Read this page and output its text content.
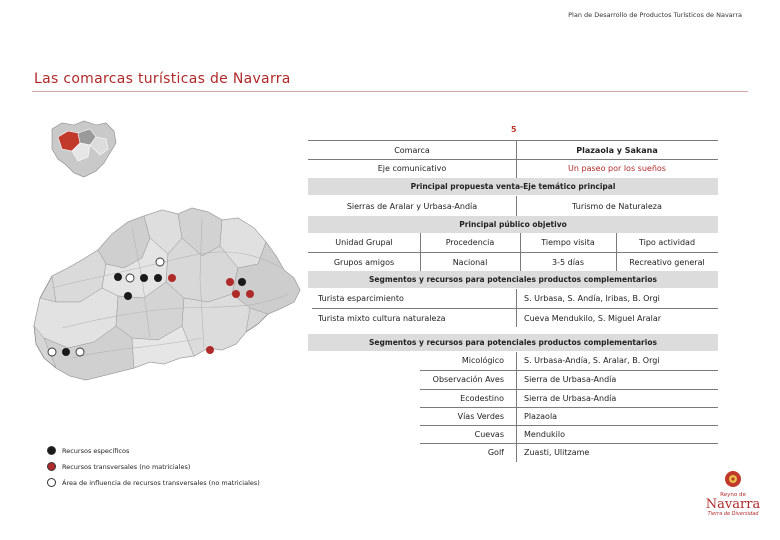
Plan de Desarrollo de Productos Turísticos de Navarra
Las comarcas turísticas de Navarra
5
Comarca	Plazaola y Sakana
Eje comunicativo	Un paseo por los sueños
Principal propuesta venta-Eje temático principal
Sierras de Aralar y Urbasa-Andía	Turismo de Naturaleza
Principal público objetivo
Unidad Grupal	Procedencia	Tiempo visita	Tipo actividad
Grupos amigos	Nacional	3-5 días	Recreativo general
Segmentos y recursos para potenciales productos complementarios
Turista esparcimiento	S. Urbasa, S. Andía, Iribas, B. Orgi
Turista mixto cultura naturaleza	Cueva Mendukilo, S. Miguel Aralar
Segmentos y recursos para potenciales productos complementarios
Micológico	S. Urbasa-Andía, S. Aralar, B. Orgi
Observación Aves	Sierra de Urbasa-Andía
Ecodestino	Sierra de Urbasa-Andía
Vías Verdes	Plazaola
Cuevas	Mendukilo
Golf	Zuasti, Ulitzame
Recursos específicos
Recursos transversales (no matriciales)
Área de influencia de recursos transversales (no matriciales)
Reyno de
Navarra
Tierra de Diversidad
